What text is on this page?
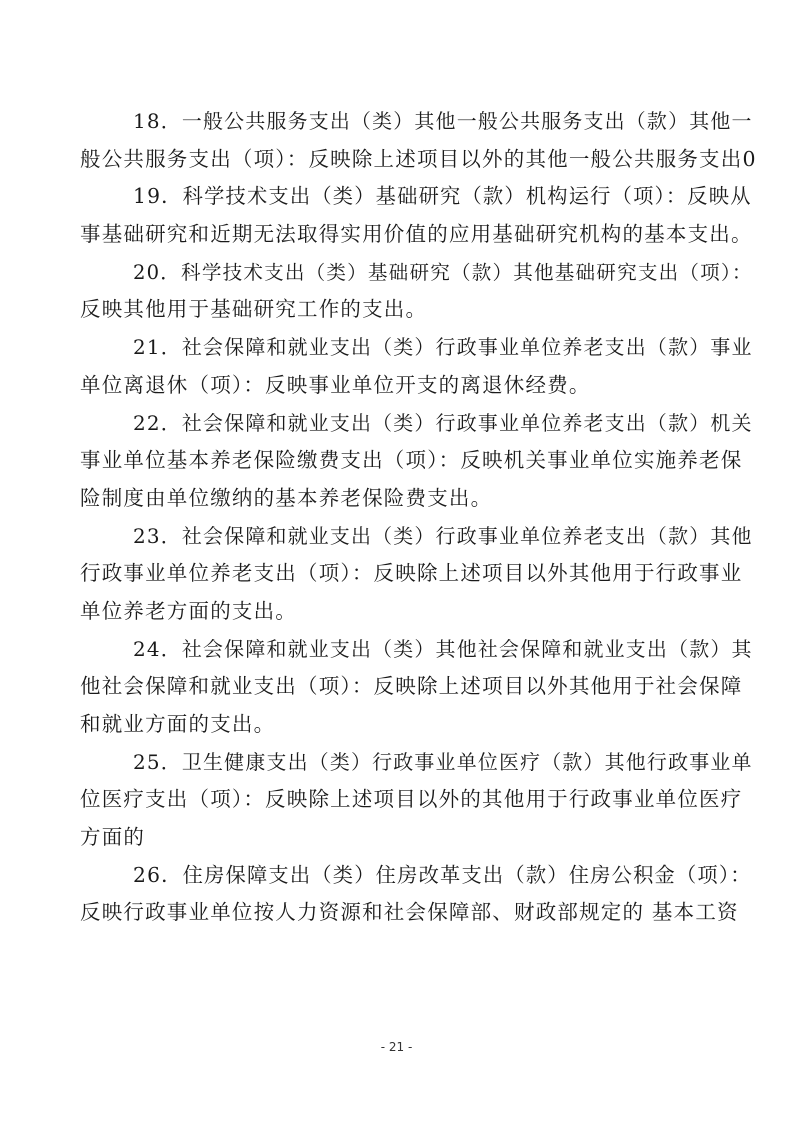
18．一般公共服务支出（类）其他一般公共服务支出（款）其他一
般公共服务支出（项）：反映除上述项目以外的其他一般公共服务支出0
19．科学技术支出（类）基础研究（款）机构运行（项）：反映从
事基础研究和近期无法取得实用价值的应用基础研究机构的基本支出。
20．科学技术支出（类）基础研究（款）其他基础研究支出（项）：
反映其他用于基础研究工作的支出。
21．社会保障和就业支出（类）行政事业单位养老支出（款）事业
单位离退休（项）：反映事业单位开支的离退休经费。
22．社会保障和就业支出（类）行政事业单位养老支出（款）机关
事业单位基本养老保险缴费支出（项）：反映机关事业单位实施养老保
险制度由单位缴纳的基本养老保险费支出。
23．社会保障和就业支出（类）行政事业单位养老支出（款）其他
行政事业单位养老支出（项）：反映除上述项目以外其他用于行政事业
单位养老方面的支出。
24．社会保障和就业支出（类）其他社会保障和就业支出（款）其
他社会保障和就业支出（项）：反映除上述项目以外其他用于社会保障
和就业方面的支出。
25．卫生健康支出（类）行政事业单位医疗（款）其他行政事业单
位医疗支出（项）：反映除上述项目以外的其他用于行政事业单位医疗
方面的
26．住房保障支出（类）住房改革支出（款）住房公积金（项）：
反映行政事业单位按人力资源和社会保障部、财政部规定的 基本工资
- 21 -
